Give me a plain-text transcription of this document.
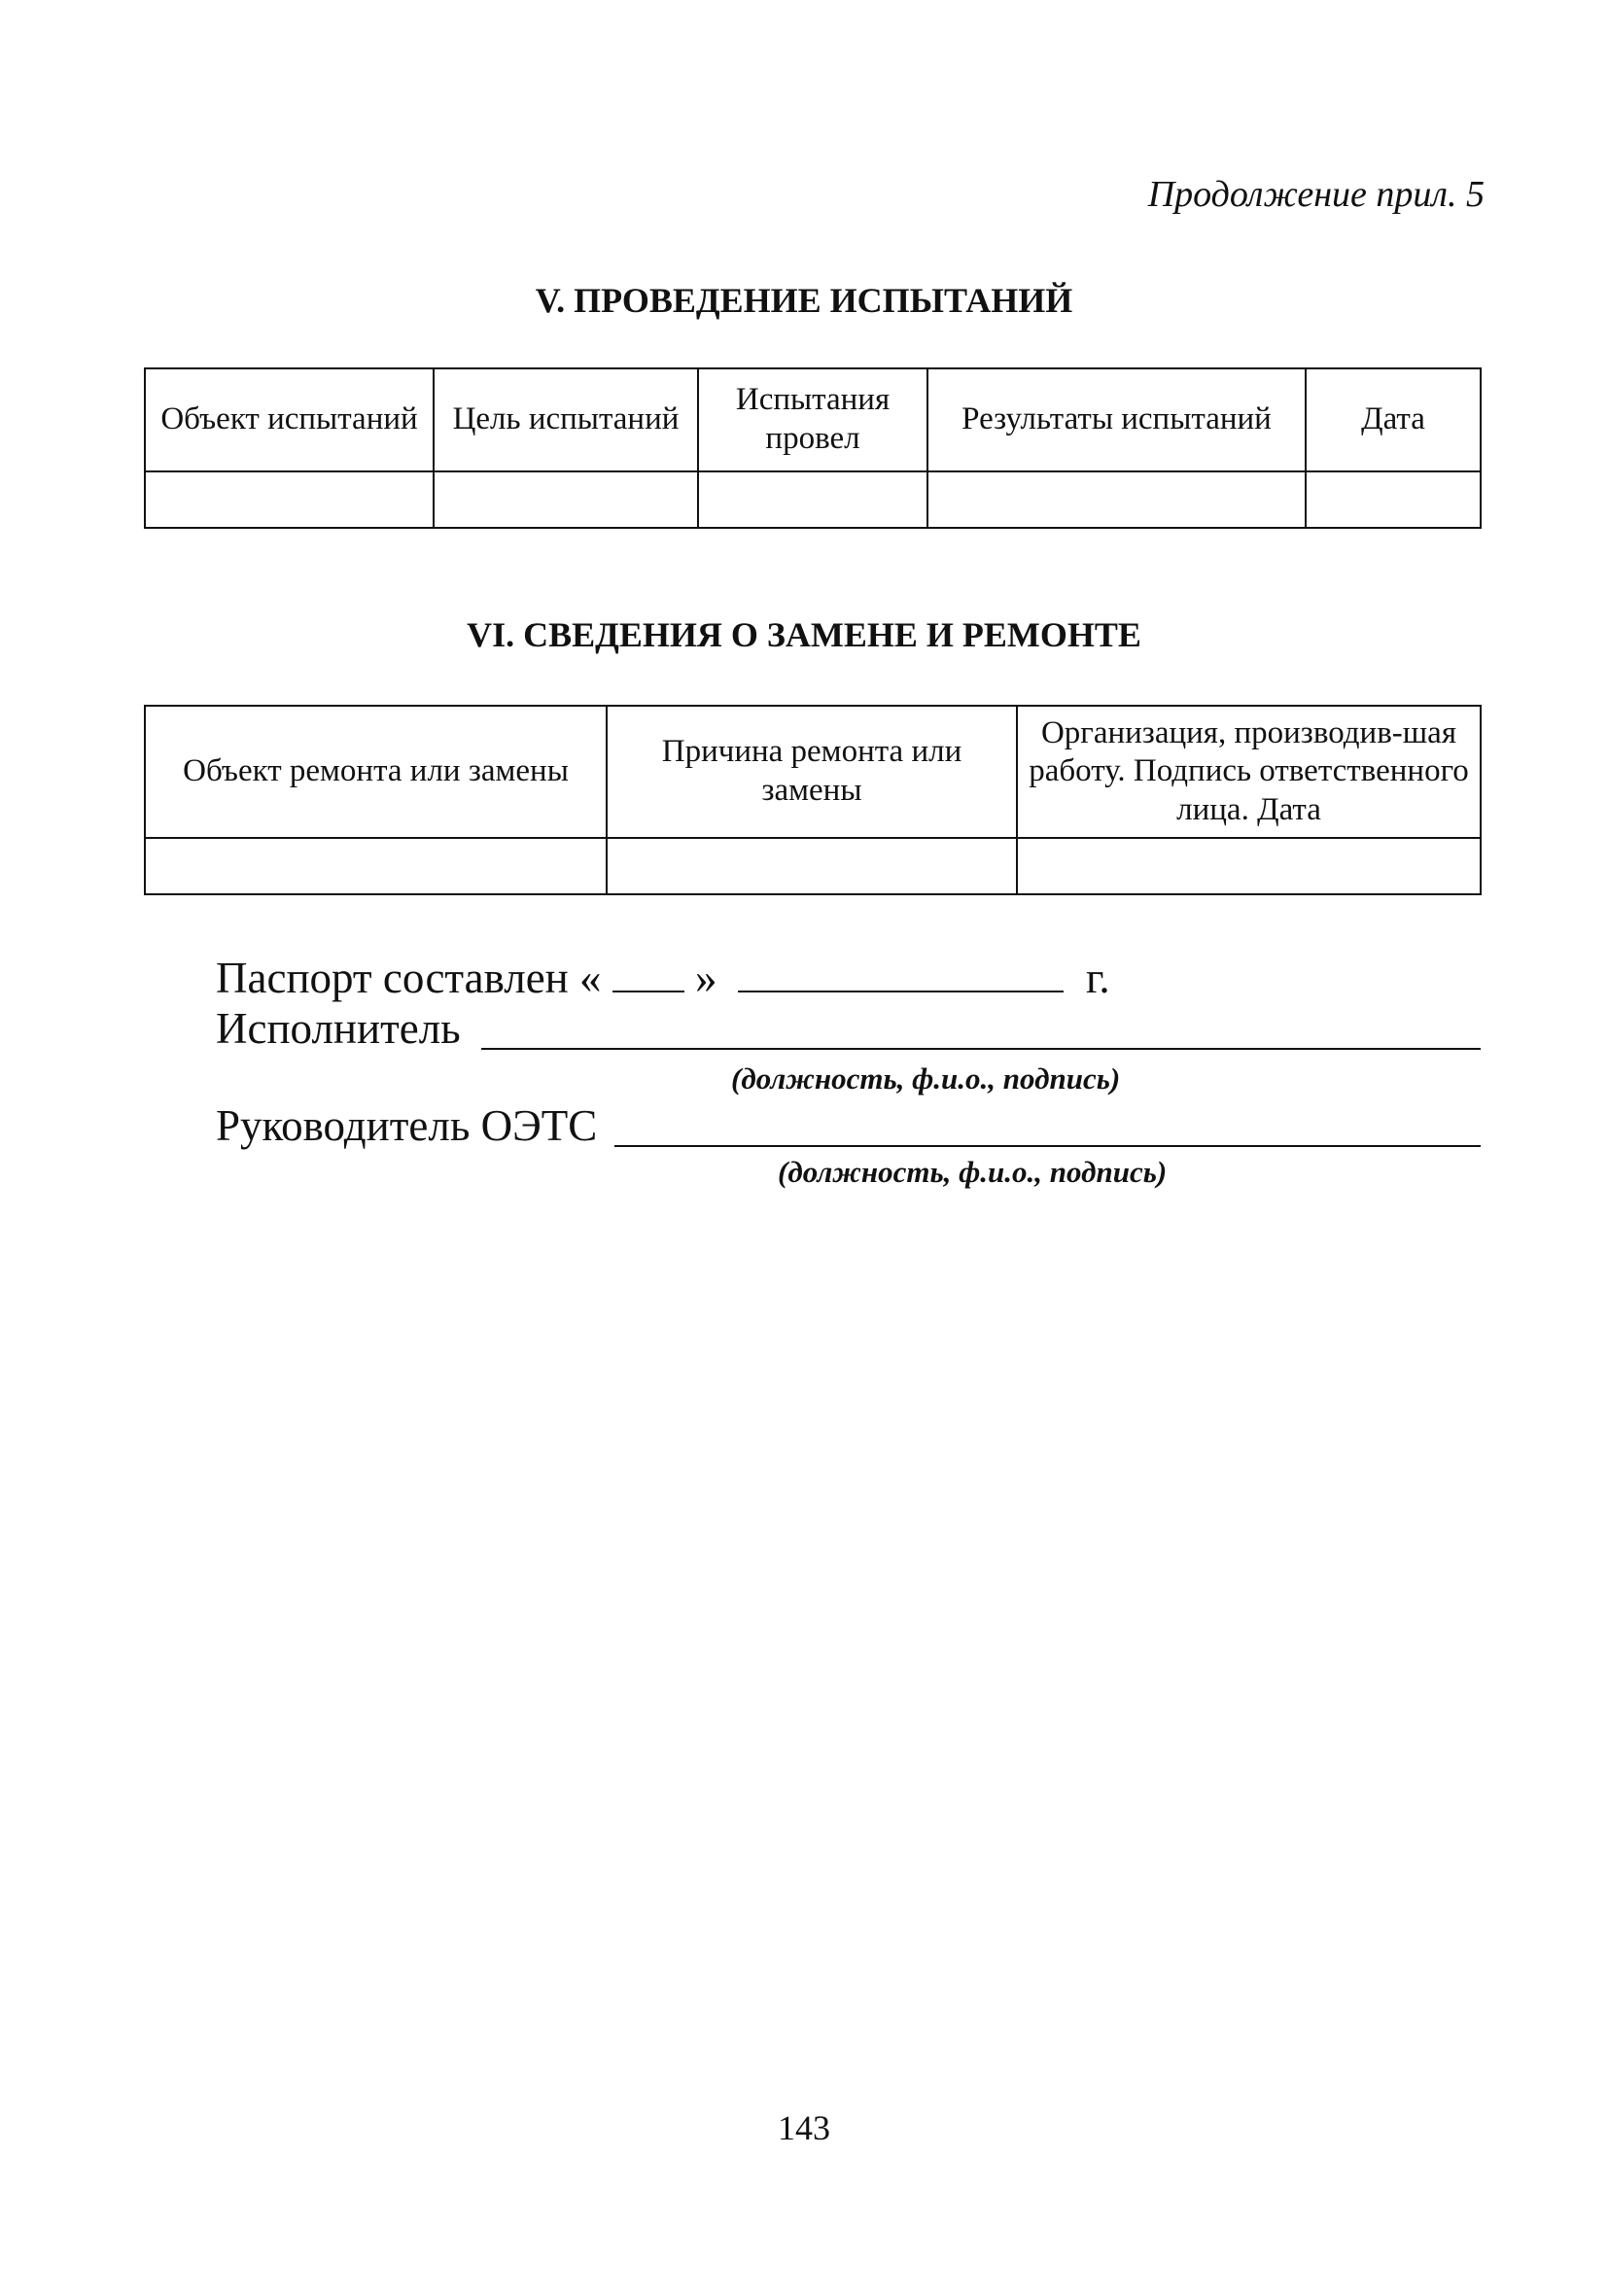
Продолжение прил. 5
V. ПРОВЕДЕНИЕ ИСПЫТАНИЙ
Объект испытаний	Цель испытаний	Испытания провел	Результаты испытаний	Дата

VI. СВЕДЕНИЯ О ЗАМЕНЕ И РЕМОНТЕ
Объект ремонта или замены	Причина ремонта или замены	Организация, производив-шая работу. Подпись ответственного лица. Дата

Паспорт составлен « »	г.
Исполнитель
(должность, ф.и.о., подпись)
Руководитель ОЭТС
(должность, ф.и.о., подпись)
143
